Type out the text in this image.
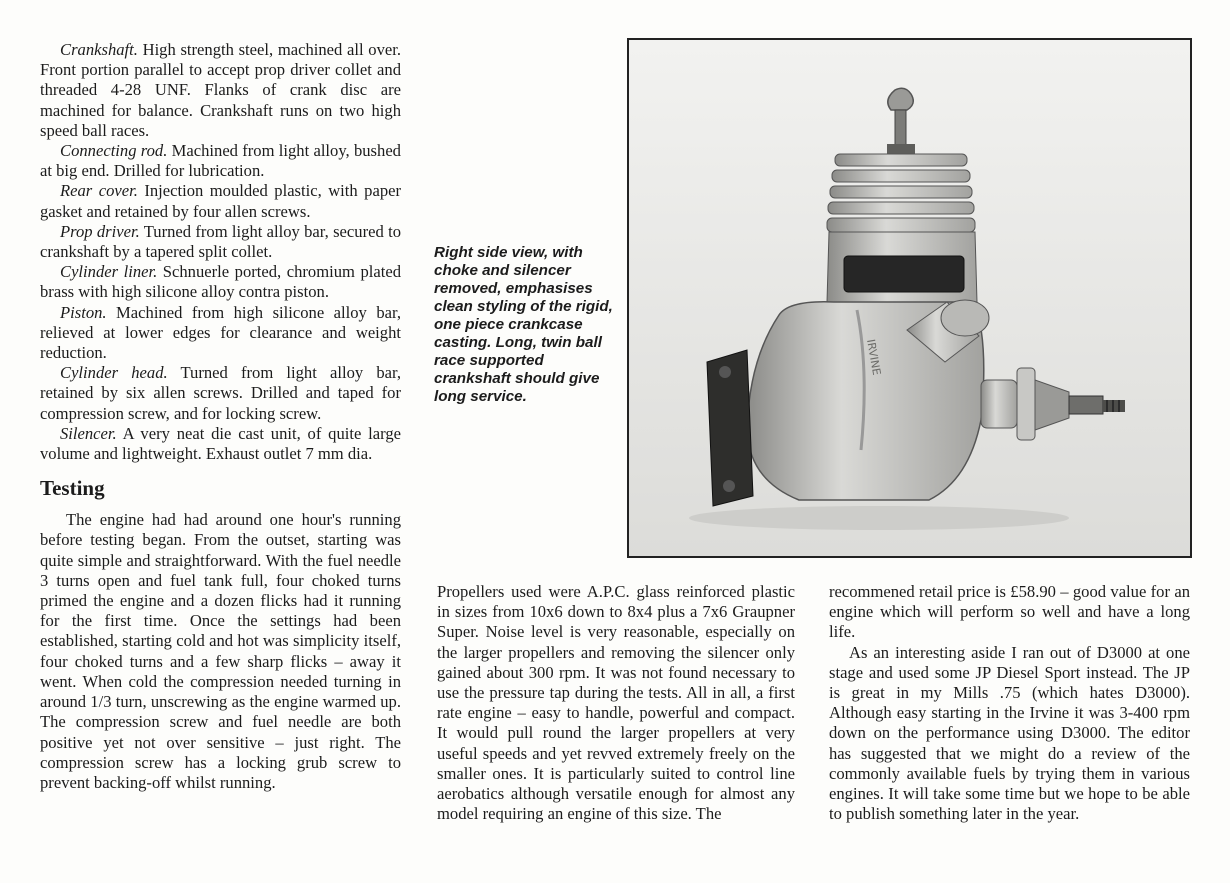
Crankshaft. High strength steel, machined all over. Front portion parallel to accept prop driver collet and threaded 4-28 UNF. Flanks of crank disc are machined for balance. Crankshaft runs on two high speed ball races.

Connecting rod. Machined from light alloy, bushed at big end. Drilled for lubrication.

Rear cover. Injection moulded plastic, with paper gasket and retained by four allen screws.

Prop driver. Turned from light alloy bar, secured to crankshaft by a tapered split collet.

Cylinder liner. Schnuerle ported, chromium plated brass with high silicone alloy contra piston.

Piston. Machined from high silicone alloy bar, relieved at lower edges for clearance and weight reduction.

Cylinder head. Turned from light alloy bar, retained by six allen screws. Drilled and taped for compression screw, and for locking screw.

Silencer. A very neat die cast unit, of quite large volume and lightweight. Exhaust outlet 7 mm dia.

Testing

The engine had had around one hour's running before testing began. From the outset, starting was quite simple and straightforward. With the fuel needle 3 turns open and fuel tank full, four choked turns primed the engine and a dozen flicks had it running for the first time. Once the settings had been established, starting cold and hot was simplicity itself, four choked turns and a few sharp flicks – away it went. When cold the compression needed turning in around 1/3 turn, unscrewing as the engine warmed up. The compression screw and fuel needle are both positive yet not over sensitive – just right. The compression screw has a locking grub screw to prevent backing-off whilst running.

Right side view, with choke and silencer removed, emphasises clean styling of the rigid, one piece crankcase casting. Long, twin ball race supported crankshaft should give long service.
IRVINE

Propellers used were A.P.C. glass reinforced plastic in sizes from 10x6 down to 8x4 plus a 7x6 Graupner Super. Noise level is very reasonable, especially on the larger propellers and removing the silencer only gained about 300 rpm. It was not found necessary to use the pressure tap during the tests. All in all, a first rate engine – easy to handle, powerful and compact. It would pull round the larger propellers at very useful speeds and yet revved extremely freely on the smaller ones. It is particularly suited to control line aerobatics although versatile enough for almost any model requiring an engine of this size. The

recommened retail price is £58.90 – good value for an engine which will perform so well and have a long life.

As an interesting aside I ran out of D3000 at one stage and used some JP Diesel Sport instead. The JP is great in my Mills .75 (which hates D3000). Although easy starting in the Irvine it was 3-400 rpm down on the performance using D3000. The editor has suggested that we might do a review of the commonly available fuels by trying them in various engines. It will take some time but we hope to be able to publish something later in the year.
